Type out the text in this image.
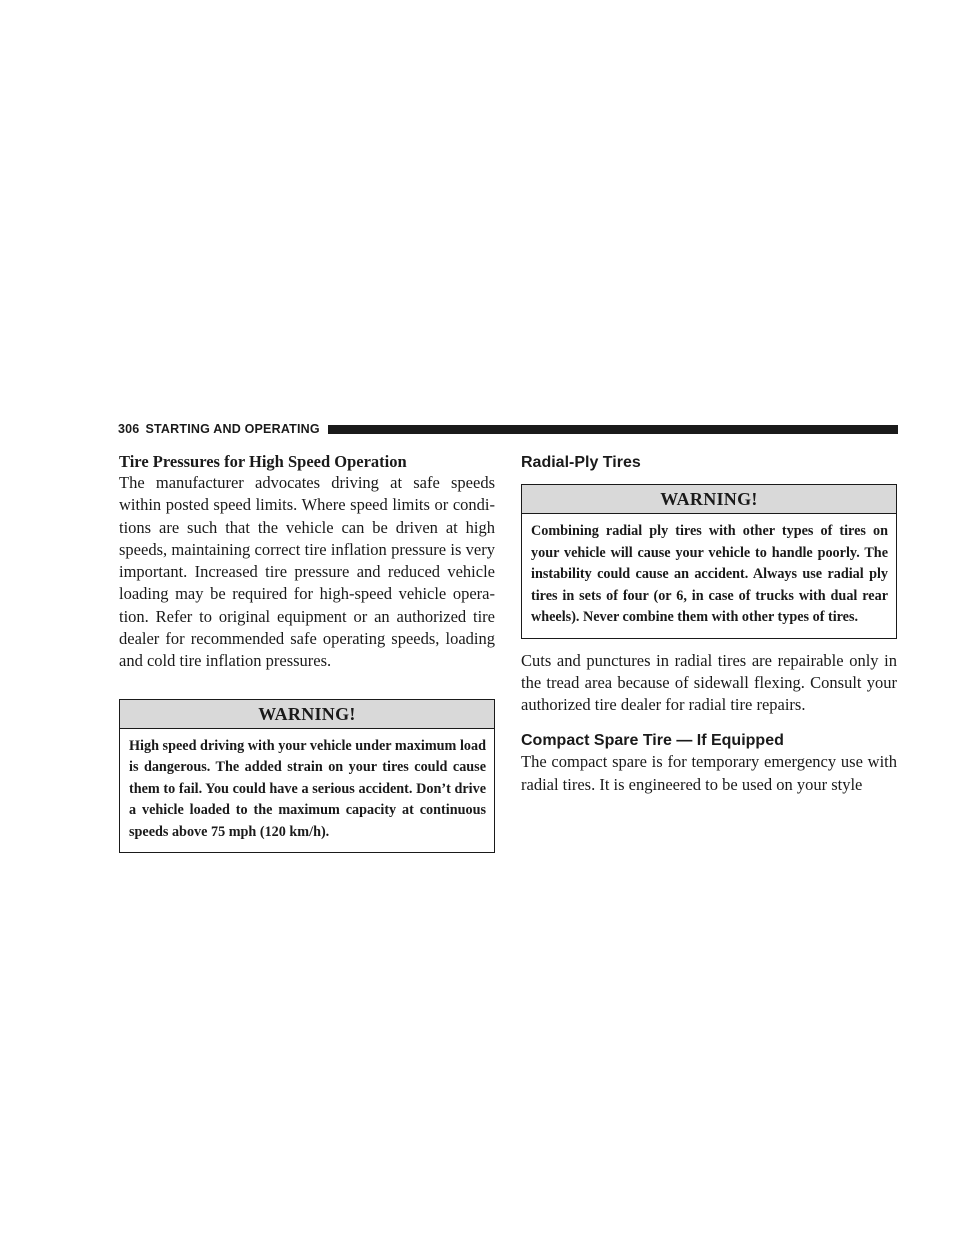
306 STARTING AND OPERATING
Tire Pressures for High Speed Operation

The manufacturer advocates driving at safe speeds within posted speed limits. Where speed limits or conditions are such that the vehicle can be driven at high speeds, maintaining correct tire inflation pressure is very important. Increased tire pressure and reduced vehicle loading may be required for high-speed vehicle operation. Refer to original equipment or an authorized tire dealer for recommended safe operating speeds, loading and cold tire inflation pressures.

WARNING!
High speed driving with your vehicle under maximum load is dangerous. The added strain on your tires could cause them to fail. You could have a serious accident. Don’t drive a vehicle loaded to the maximum capacity at continuous speeds above 75 mph (120 km/h).
Radial-Ply Tires
WARNING!
Combining radial ply tires with other types of tires on your vehicle will cause your vehicle to handle poorly. The instability could cause an accident. Always use radial ply tires in sets of four (or 6, in case of trucks with dual rear wheels). Never combine them with other types of tires.

Cuts and punctures in radial tires are repairable only in the tread area because of sidewall flexing. Consult your authorized tire dealer for radial tire repairs.

Compact Spare Tire — If Equipped

The compact spare is for temporary emergency use with radial tires. It is engineered to be used on your style
